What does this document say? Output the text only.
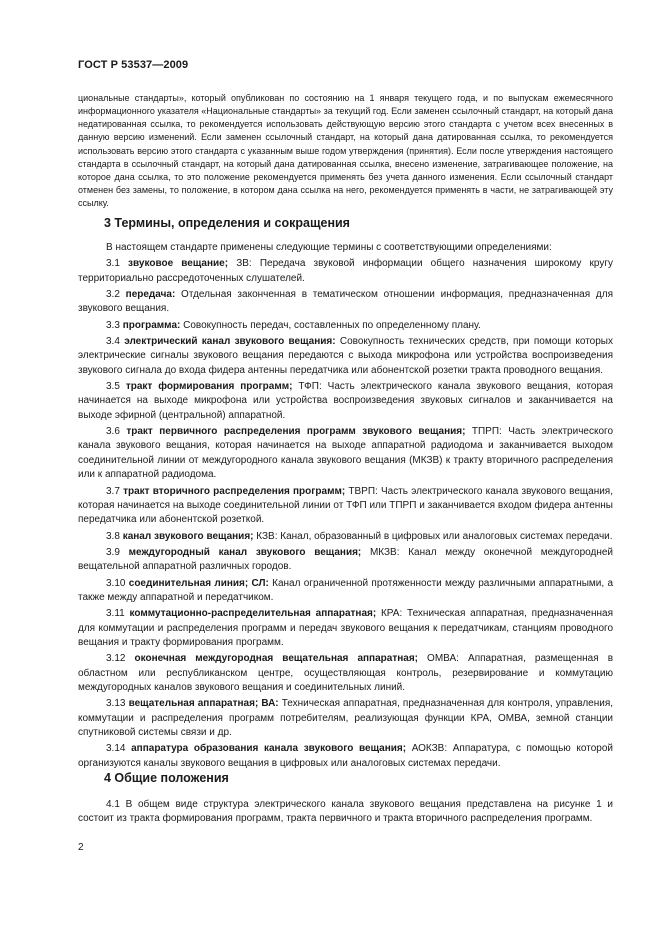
ГОСТ Р 53537—2009

циональные стандарты», который опубликован по состоянию на 1 января текущего года, и по выпускам ежемесячного информационного указателя «Национальные стандарты» за текущий год. Если заменен ссылочный стандарт, на который дана недатированная ссылка, то рекомендуется использовать действующую версию этого стандарта с учетом всех внесенных в данную версию изменений. Если заменен ссылочный стандарт, на который дана датированная ссылка, то рекомендуется использовать версию этого стандарта с указанным выше годом утверждения (принятия). Если после утверждения настоящего стандарта в ссылочный стандарт, на который дана датированная ссылка, внесено изменение, затрагивающее положение, на которое дана ссылка, то это положение рекомендуется применять без учета данного изменения. Если ссылочный стандарт отменен без замены, то положение, в котором дана ссылка на него, рекомендуется применять в части, не затрагивающей эту ссылку.

3 Термины, определения и сокращения

В настоящем стандарте применены следующие термины с соответствующими определениями:

3.1 звуковое вещание; ЗВ: Передача звуковой информации общего назначения широкому кругу территориально рассредоточенных слушателей.

3.2 передача: Отдельная законченная в тематическом отношении информация, предназначенная для звукового вещания.

3.3 программа: Совокупность передач, составленных по определенному плану.

3.4 электрический канал звукового вещания: Совокупность технических средств, при помощи которых электрические сигналы звукового вещания передаются с выхода микрофона или устройства воспроизведения звукового сигнала до входа фидера антенны передатчика или абонентской розетки тракта проводного вещания.

3.5 тракт формирования программ; ТФП: Часть электрического канала звукового вещания, которая начинается на выходе микрофона или устройства воспроизведения звуковых сигналов и заканчивается на выходе эфирной (центральной) аппаратной.

3.6 тракт первичного распределения программ звукового вещания; ТПРП: Часть электрического канала звукового вещания, которая начинается на выходе аппаратной радиодома и заканчивается выходом соединительной линии от междугородного канала звукового вещания (МКЗВ) к тракту вторичного распределения или к аппаратной радиодома.

3.7 тракт вторичного распределения программ; ТВРП: Часть электрического канала звукового вещания, которая начинается на выходе соединительной линии от ТФП или ТПРП и заканчивается входом фидера антенны передатчика или абонентской розеткой.

3.8 канал звукового вещания; КЗВ: Канал, образованный в цифровых или аналоговых системах передачи.

3.9 междугородный канал звукового вещания; МКЗВ: Канал между оконечной междугородней вещательной аппаратной различных городов.

3.10 соединительная линия; СЛ: Канал ограниченной протяженности между различными аппаратными, а также между аппаратной и передатчиком.

3.11 коммутационно-распределительная аппаратная; КРА: Техническая аппаратная, предназначенная для коммутации и распределения программ и передач звукового вещания к передатчикам, станциям проводного вещания и тракту формирования программ.

3.12 оконечная междугородная вещательная аппаратная; ОМВА: Аппаратная, размещенная в областном или республиканском центре, осуществляющая контроль, резервирование и коммутацию междугородных каналов звукового вещания и соединительных линий.

3.13 вещательная аппаратная; ВА: Техническая аппаратная, предназначенная для контроля, управления, коммутации и распределения программ потребителям, реализующая функции КРА, ОМВА, земной станции спутниковой системы связи и др.

3.14 аппаратура образования канала звукового вещания; АОКЗВ: Аппаратура, с помощью которой организуются каналы звукового вещания в цифровых или аналоговых системах передачи.

4 Общие положения

4.1 В общем виде структура электрического канала звукового вещания представлена на рисунке 1 и состоит из тракта формирования программ, тракта первичного и тракта вторичного распределения программ.

2
